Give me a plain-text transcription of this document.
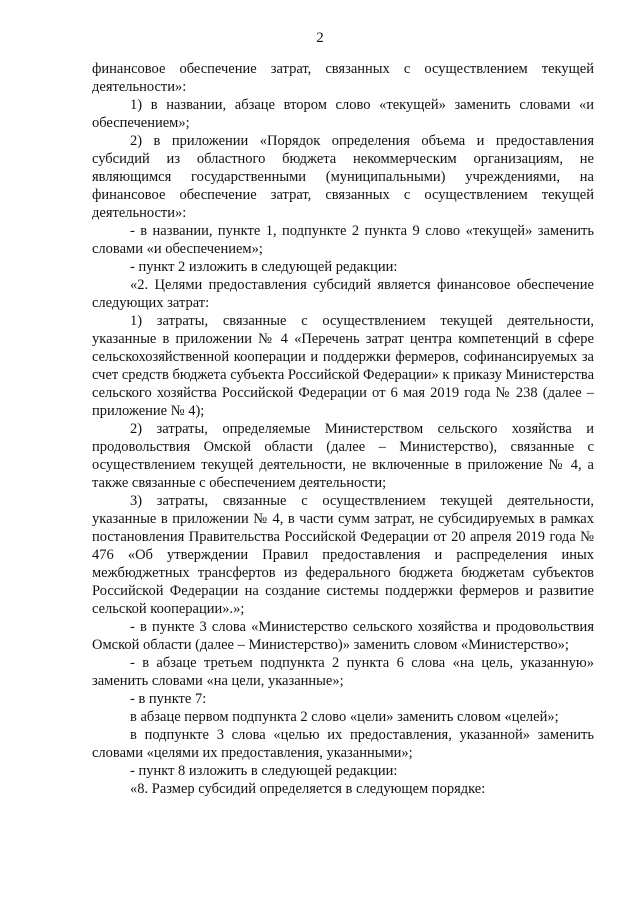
2

финансовое обеспечение затрат, связанных с осуществлением текущей деятельности»:

1) в названии, абзаце втором слово «текущей» заменить словами «и обеспечением»;

2) в приложении «Порядок определения объема и предоставления субсидий из областного бюджета некоммерческим организациям, не являющимся государственными (муниципальными) учреждениями, на финансовое обеспечение затрат, связанных с осуществлением текущей деятельности»:

- в названии, пункте 1, подпункте 2 пункта 9 слово «текущей» заменить словами «и обеспечением»;

- пункт 2 изложить в следующей редакции:

«2. Целями предоставления субсидий является финансовое обеспечение следующих затрат:

1) затраты, связанные с осуществлением текущей деятельности, указанные в приложении № 4 «Перечень затрат центра компетенций в сфере сельскохозяйственной кооперации и поддержки фермеров, софинансируемых за счет средств бюджета субъекта Российской Федерации» к приказу Министерства сельского хозяйства Российской Федерации от 6 мая 2019 года № 238 (далее – приложение № 4);

2) затраты, определяемые Министерством сельского хозяйства и продовольствия Омской области (далее – Министерство), связанные с осуществлением текущей деятельности, не включенные в приложение № 4, а также связанные с обеспечением деятельности;

3) затраты, связанные с осуществлением текущей деятельности, указанные в приложении № 4, в части сумм затрат, не субсидируемых в рамках постановления Правительства Российской Федерации от 20 апреля 2019 года № 476 «Об утверждении Правил предоставления и распределения иных межбюджетных трансфертов из федерального бюджета бюджетам субъектов Российской Федерации на создание системы поддержки фермеров и развитие сельской кооперации».»;

- в пункте 3 слова «Министерство сельского хозяйства и продовольствия Омской области (далее – Министерство)» заменить словом «Министерство»;

- в абзаце третьем подпункта 2 пункта 6 слова «на цель, указанную» заменить словами «на цели, указанные»;

- в пункте 7:

в абзаце первом подпункта 2 слово «цели» заменить словом «целей»;

в подпункте 3 слова «целью их предоставления, указанной» заменить словами «целями их предоставления, указанными»;

- пункт 8 изложить в следующей редакции:

«8. Размер субсидий определяется в следующем порядке:
